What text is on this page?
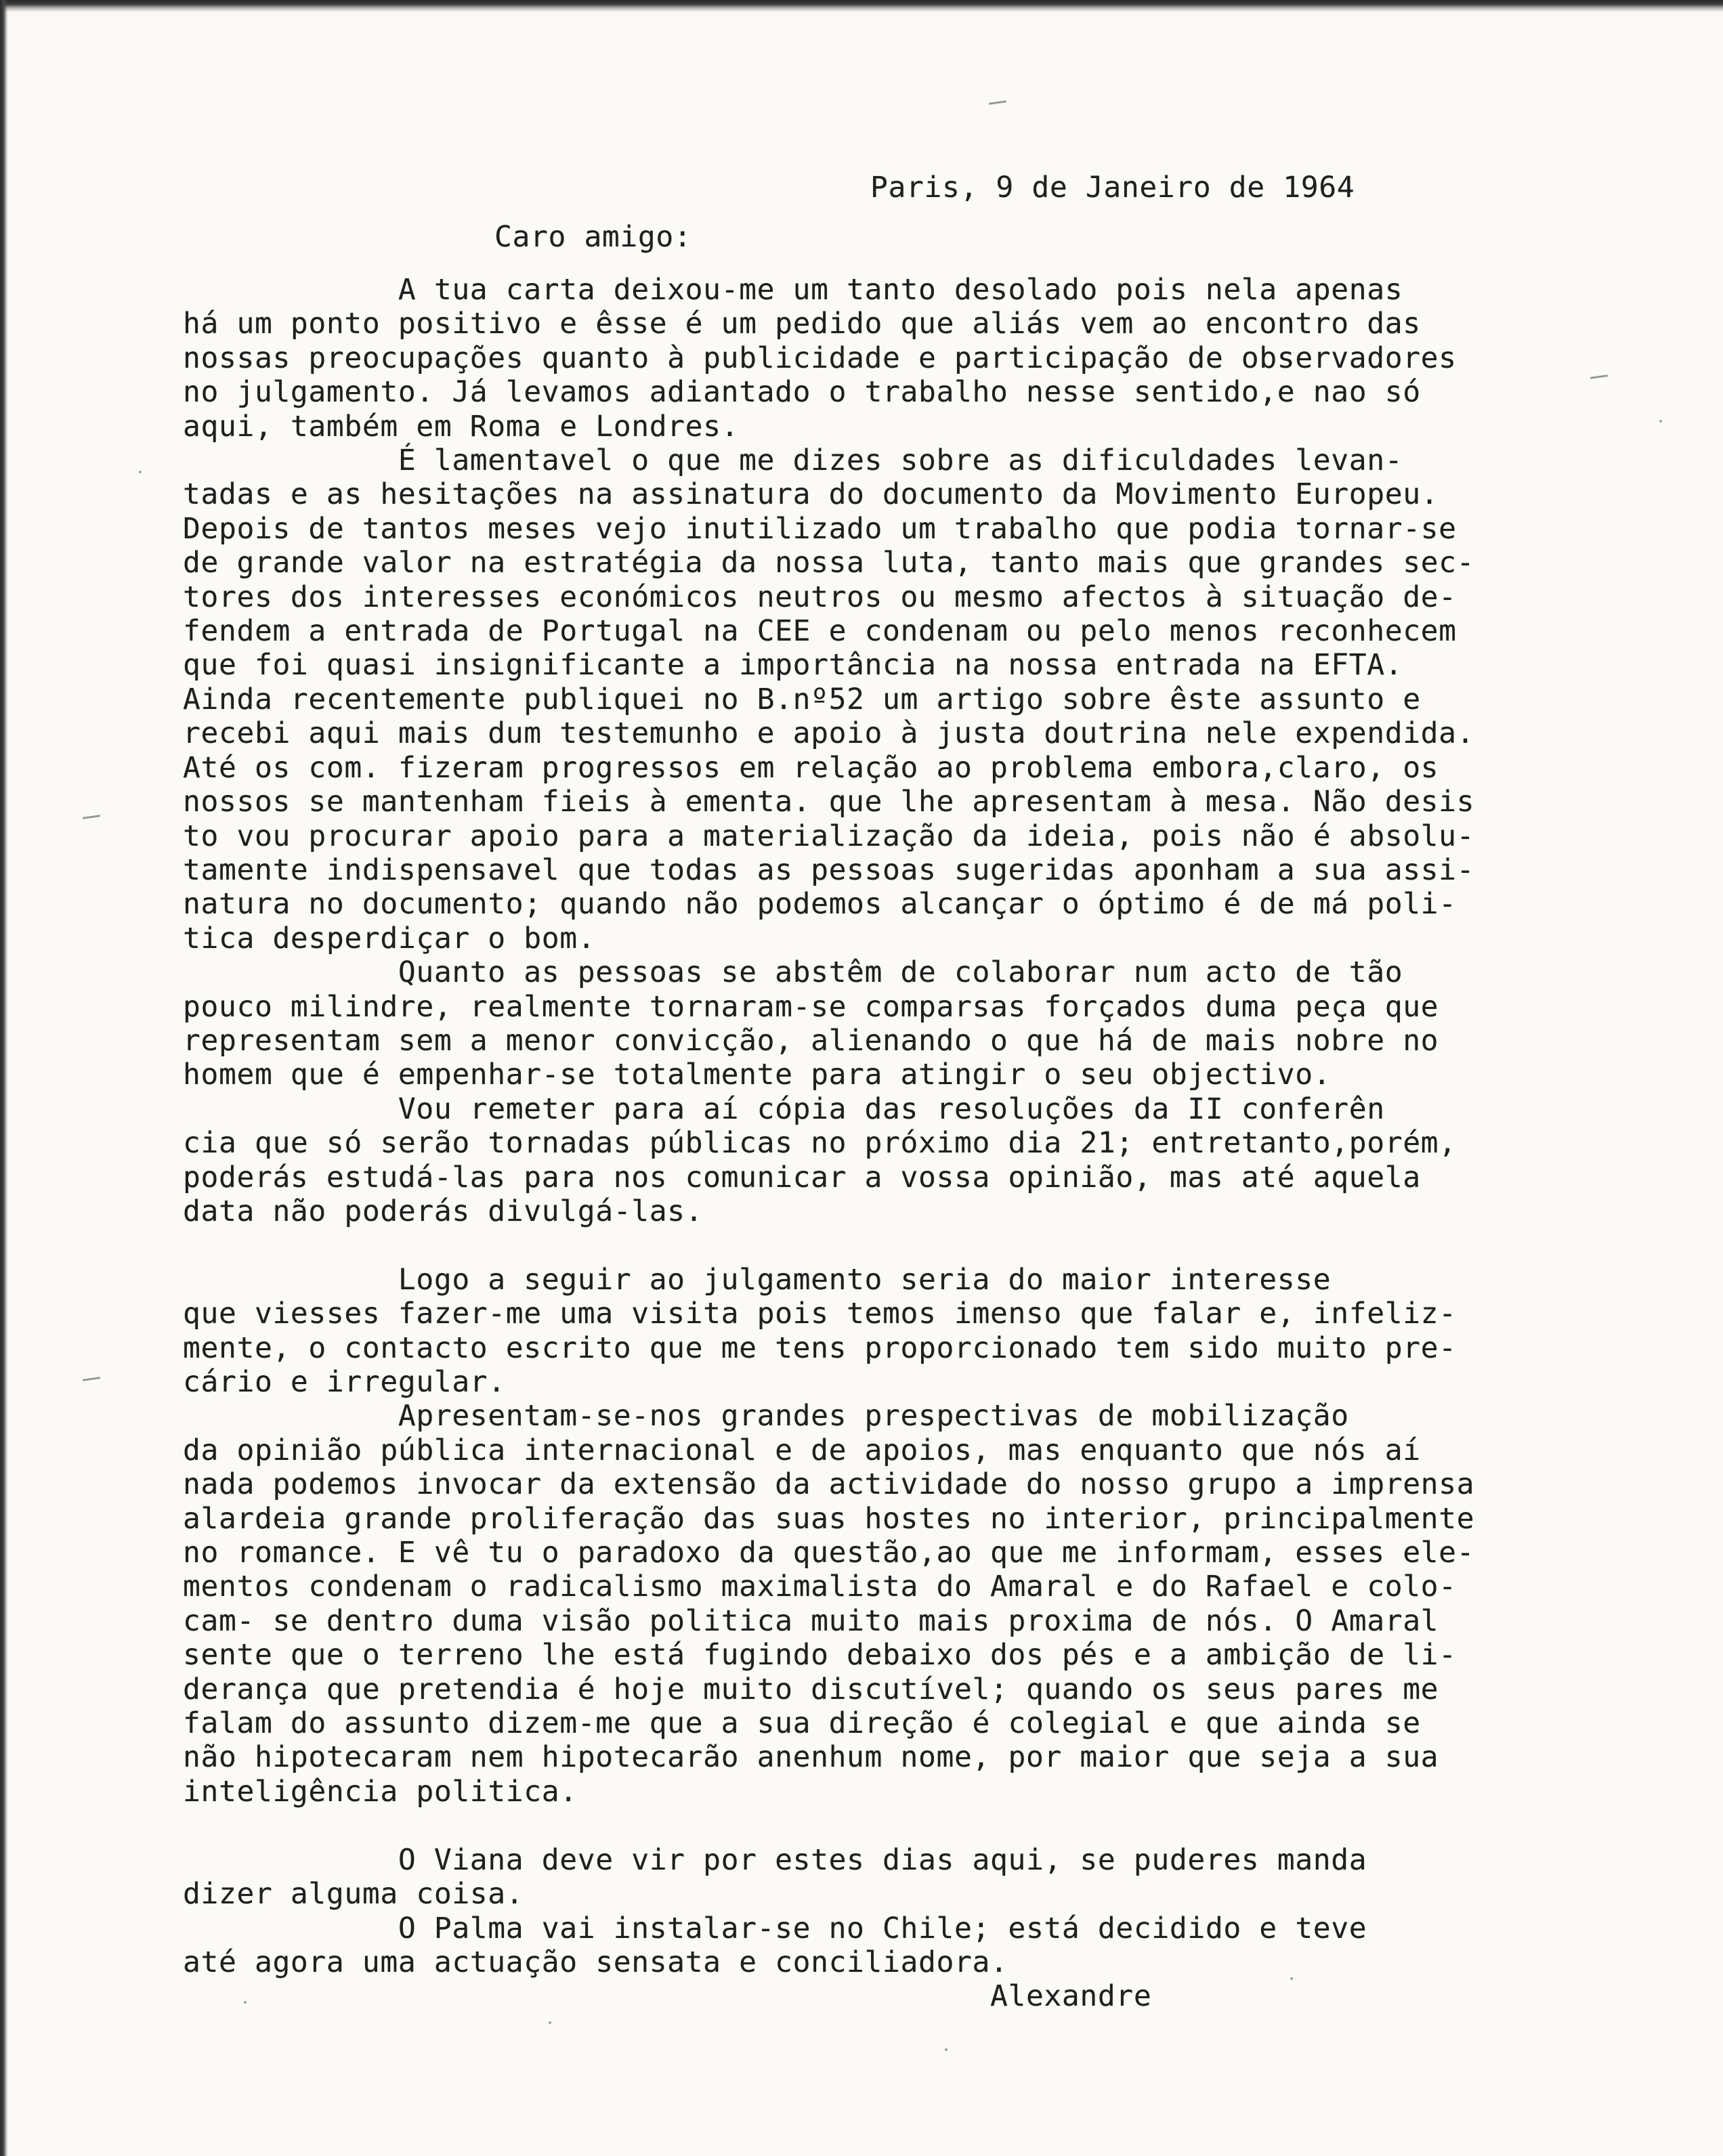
Paris, 9 de Janeiro de 1964
Caro amigo:
A tua carta deixou-me um tanto desolado pois nela apenas
há um ponto positivo e êsse é um pedido que aliás vem ao encontro das
nossas preocupações quanto à publicidade e participação de observadores
no julgamento. Já levamos adiantado o trabalho nesse sentido,e nao só
aqui, também em Roma e Londres.
É lamentavel o que me dizes sobre as dificuldades levan-
tadas e as hesitações na assinatura do documento da Movimento Europeu.
Depois de tantos meses vejo inutilizado um trabalho que podia tornar-se
de grande valor na estratégia da nossa luta, tanto mais que grandes sec-
tores dos interesses económicos neutros ou mesmo afectos à situação de-
fendem a entrada de Portugal na CEE e condenam ou pelo menos reconhecem
que foi quasi insignificante a importância na nossa entrada na EFTA.
Ainda recentemente publiquei no B.nº52 um artigo sobre êste assunto e
recebi aqui mais dum testemunho e apoio à justa doutrina nele expendida.
Até os com. fizeram progressos em relação ao problema embora,claro, os
nossos se mantenham fieis à ementa. que lhe apresentam à mesa. Não desis
to vou procurar apoio para a materialização da ideia, pois não é absolu-
tamente indispensavel que todas as pessoas sugeridas aponham a sua assi-
natura no documento; quando não podemos alcançar o óptimo é de má poli-
tica desperdiçar o bom.
Quanto as pessoas se abstêm de colaborar num acto de tão
pouco milindre, realmente tornaram-se comparsas forçados duma peça que
representam sem a menor convicção, alienando o que há de mais nobre no
homem que é empenhar-se totalmente para atingir o seu objectivo.
Vou remeter para aí cópia das resoluções da II conferên
cia que só serão tornadas públicas no próximo dia 21; entretanto,porém,
poderás estudá-las para nos comunicar a vossa opinião, mas até aquela
data não poderás divulgá-las.

Logo a seguir ao julgamento seria do maior interesse
que viesses fazer-me uma visita pois temos imenso que falar e, infeliz-
mente, o contacto escrito que me tens proporcionado tem sido muito pre-
cário e irregular.
Apresentam-se-nos grandes prespectivas de mobilização
da opinião pública internacional e de apoios, mas enquanto que nós aí
nada podemos invocar da extensão da actividade do nosso grupo a imprensa
alardeia grande proliferação das suas hostes no interior, principalmente
no romance. E vê tu o paradoxo da questão,ao que me informam, esses ele-
mentos condenam o radicalismo maximalista do Amaral e do Rafael e colo-
cam- se dentro duma visão politica muito mais proxima de nós. O Amaral
sente que o terreno lhe está fugindo debaixo dos pés e a ambição de li-
derança que pretendia é hoje muito discutível; quando os seus pares me
falam do assunto dizem-me que a sua direção é colegial e que ainda se
não hipotecaram nem hipotecarão anenhum nome, por maior que seja a sua
inteligência politica.

O Viana deve vir por estes dias aqui, se puderes manda
dizer alguma coisa.
O Palma vai instalar-se no Chile; está decidido e teve
até agora uma actuação sensata e conciliadora.
Alexandre
